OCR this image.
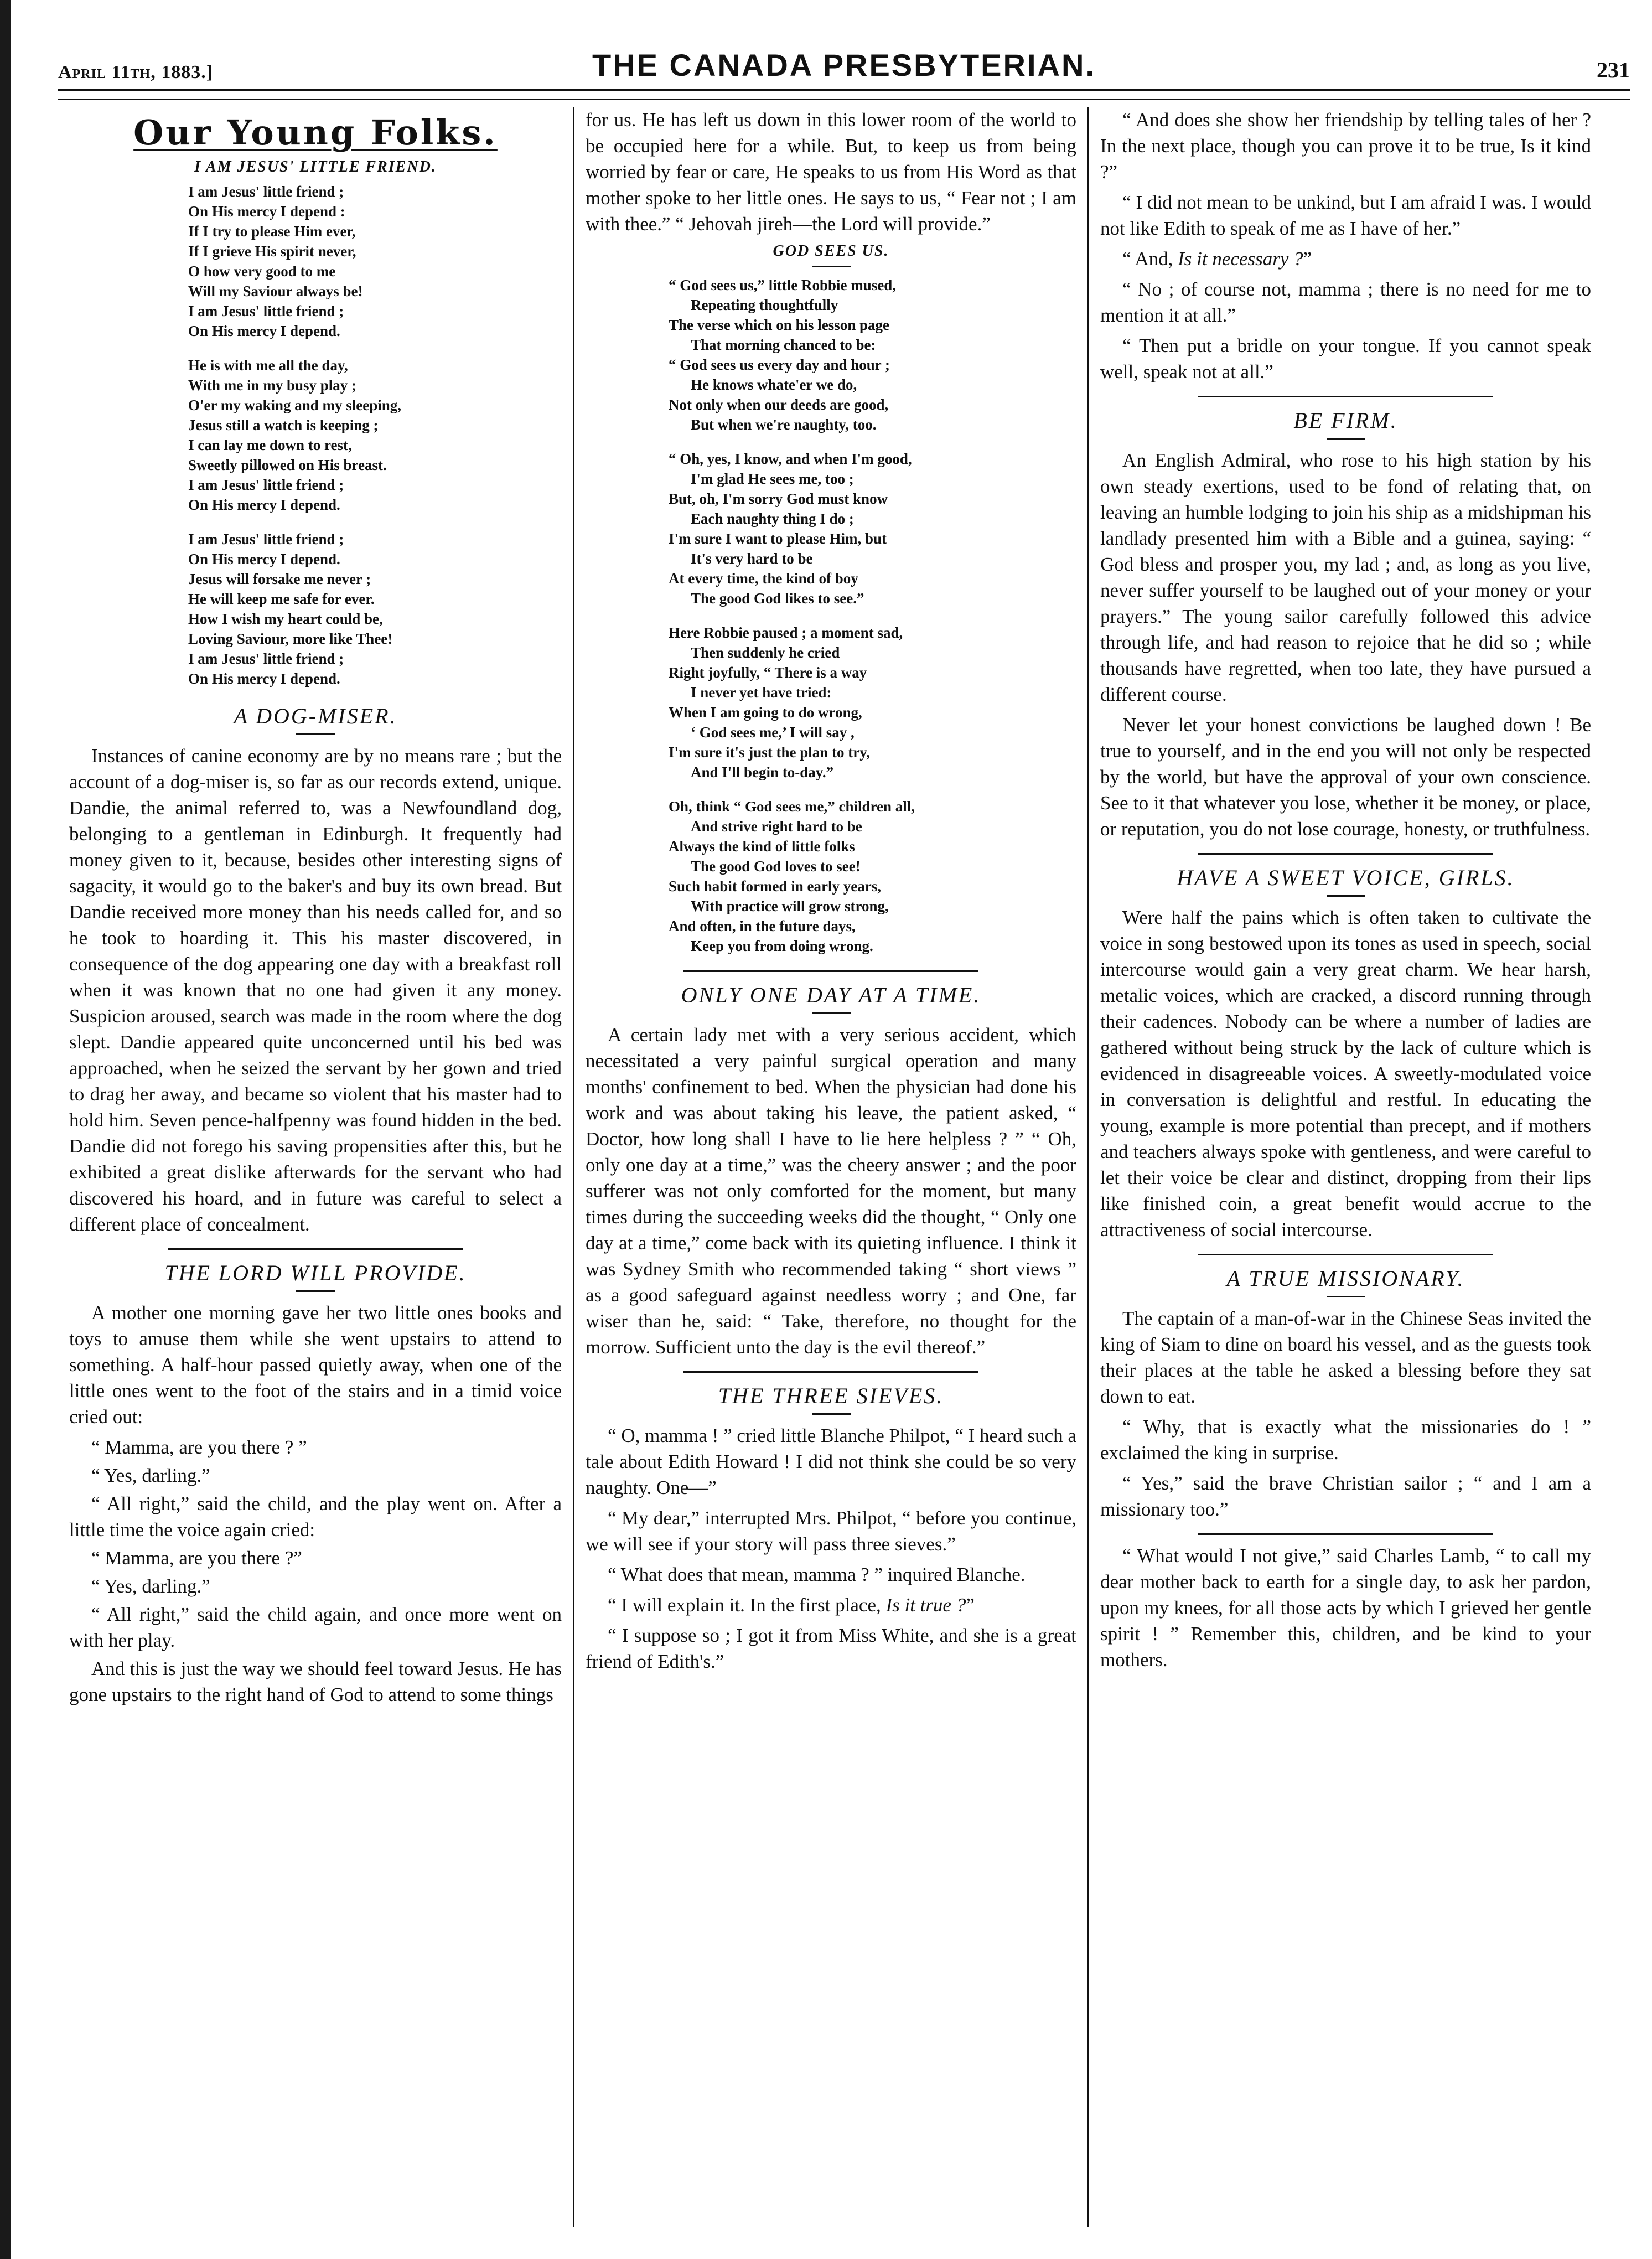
April 11th, 1883.]	THE CANADA PRESBYTERIAN.	231
Our Young Folks.
I AM JESUS' LITTLE FRIEND.
I am Jesus' little friend ;
On His mercy I depend :
If I try to please Him ever,
If I grieve His spirit never,
O how very good to me
Will my Saviour always be!
I am Jesus' little friend ;
On His mercy I depend.
He is with me all the day,
With me in my busy play ;
O'er my waking and my sleeping,
Jesus still a watch is keeping ;
I can lay me down to rest,
Sweetly pillowed on His breast.
I am Jesus' little friend ;
On His mercy I depend.
I am Jesus' little friend ;
On His mercy I depend.
Jesus will forsake me never ;
He will keep me safe for ever.
How I wish my heart could be,
Loving Saviour, more like Thee!
I am Jesus' little friend ;
On His mercy I depend.
A DOG-MISER.

Instances of canine economy are by no means rare ; but the account of a dog-miser is, so far as our records extend, unique. Dandie, the animal referred to, was a Newfoundland dog, belonging to a gentleman in Edinburgh. It frequently had money given to it, because, besides other interesting signs of sagacity, it would go to the baker's and buy its own bread. But Dandie received more money than his needs called for, and so he took to hoarding it. This his master discovered, in consequence of the dog appearing one day with a breakfast roll when it was known that no one had given it any money. Suspicion aroused, search was made in the room where the dog slept. Dandie appeared quite unconcerned until his bed was approached, when he seized the servant by her gown and tried to drag her away, and became so violent that his master had to hold him. Seven pence-halfpenny was found hidden in the bed. Dandie did not forego his saving propensities after this, but he exhibited a great dislike afterwards for the servant who had discovered his hoard, and in future was careful to select a different place of concealment.

THE LORD WILL PROVIDE.

A mother one morning gave her two little ones books and toys to amuse them while she went upstairs to attend to something. A half-hour passed quietly away, when one of the little ones went to the foot of the stairs and in a timid voice cried out:

“ Mamma, are you there ? ”

“ Yes, darling.”

“ All right,” said the child, and the play went on. After a little time the voice again cried:

“ Mamma, are you there ?”

“ Yes, darling.”

“ All right,” said the child again, and once more went on with her play.

And this is just the way we should feel toward Jesus. He has gone upstairs to the right hand of God to attend to some things

for us. He has left us down in this lower room of the world to be occupied here for a while. But, to keep us from being worried by fear or care, He speaks to us from His Word as that mother spoke to her little ones. He says to us, “ Fear not ; I am with thee.” “ Jehovah jireh—the Lord will provide.”

GOD SEES US.
“ God sees us,” little Robbie mused,
Repeating thoughtfully
The verse which on his lesson page
That morning chanced to be:
“ God sees us every day and hour ;
He knows whate'er we do,
Not only when our deeds are good,
But when we're naughty, too.
“ Oh, yes, I know, and when I'm good,
I'm glad He sees me, too ;
But, oh, I'm sorry God must know
Each naughty thing I do ;
I'm sure I want to please Him, but
It's very hard to be
At every time, the kind of boy
The good God likes to see.”
Here Robbie paused ; a moment sad,
Then suddenly he cried
Right joyfully, “ There is a way
I never yet have tried:
When I am going to do wrong,
‘ God sees me,’ I will say ,
I'm sure it's just the plan to try,
And I'll begin to-day.”
Oh, think “ God sees me,” children all,
And strive right hard to be
Always the kind of little folks
The good God loves to see!
Such habit formed in early years,
With practice will grow strong,
And often, in the future days,
Keep you from doing wrong.
ONLY ONE DAY AT A TIME.

A certain lady met with a very serious accident, which necessitated a very painful surgical operation and many months' confinement to bed. When the physician had done his work and was about taking his leave, the patient asked, “ Doctor, how long shall I have to lie here helpless ? ” “ Oh, only one day at a time,” was the cheery answer ; and the poor sufferer was not only comforted for the moment, but many times during the succeeding weeks did the thought, “ Only one day at a time,” come back with its quieting influence. I think it was Sydney Smith who recommended taking “ short views ” as a good safeguard against needless worry ; and One, far wiser than he, said: “ Take, therefore, no thought for the morrow. Sufficient unto the day is the evil thereof.”

THE THREE SIEVES.

“ O, mamma ! ” cried little Blanche Philpot, “ I heard such a tale about Edith Howard ! I did not think she could be so very naughty. One—”

“ My dear,” interrupted Mrs. Philpot, “ before you continue, we will see if your story will pass three sieves.”

“ What does that mean, mamma ? ” inquired Blanche.

“ I will explain it. In the first place, Is it true ?”

“ I suppose so ; I got it from Miss White, and she is a great friend of Edith's.”

“ And does she show her friendship by telling tales of her ? In the next place, though you can prove it to be true, Is it kind ?”

“ I did not mean to be unkind, but I am afraid I was. I would not like Edith to speak of me as I have of her.”

“ And, Is it necessary ?”

“ No ; of course not, mamma ; there is no need for me to mention it at all.”

“ Then put a bridle on your tongue. If you cannot speak well, speak not at all.”

BE FIRM.

An English Admiral, who rose to his high station by his own steady exertions, used to be fond of relating that, on leaving an humble lodging to join his ship as a midshipman his landlady presented him with a Bible and a guinea, saying: “ God bless and prosper you, my lad ; and, as long as you live, never suffer yourself to be laughed out of your money or your prayers.” The young sailor carefully followed this advice through life, and had reason to rejoice that he did so ; while thousands have regretted, when too late, they have pursued a different course.

Never let your honest convictions be laughed down ! Be true to yourself, and in the end you will not only be respected by the world, but have the approval of your own conscience. See to it that whatever you lose, whether it be money, or place, or reputation, you do not lose courage, honesty, or truthfulness.

HAVE A SWEET VOICE, GIRLS.

Were half the pains which is often taken to cultivate the voice in song bestowed upon its tones as used in speech, social intercourse would gain a very great charm. We hear harsh, metalic voices, which are cracked, a discord running through their cadences. Nobody can be where a number of ladies are gathered without being struck by the lack of culture which is evidenced in disagreeable voices. A sweetly-modulated voice in conversation is delightful and restful. In educating the young, example is more potential than precept, and if mothers and teachers always spoke with gentleness, and were careful to let their voice be clear and distinct, dropping from their lips like finished coin, a great benefit would accrue to the attractiveness of social intercourse.

A TRUE MISSIONARY.

The captain of a man-of-war in the Chinese Seas invited the king of Siam to dine on board his vessel, and as the guests took their places at the table he asked a blessing before they sat down to eat.

“ Why, that is exactly what the missionaries do ! ” exclaimed the king in surprise.

“ Yes,” said the brave Christian sailor ; “ and I am a missionary too.”

“ What would I not give,” said Charles Lamb, “ to call my dear mother back to earth for a single day, to ask her pardon, upon my knees, for all those acts by which I grieved her gentle spirit ! ” Remember this, children, and be kind to your mothers.
